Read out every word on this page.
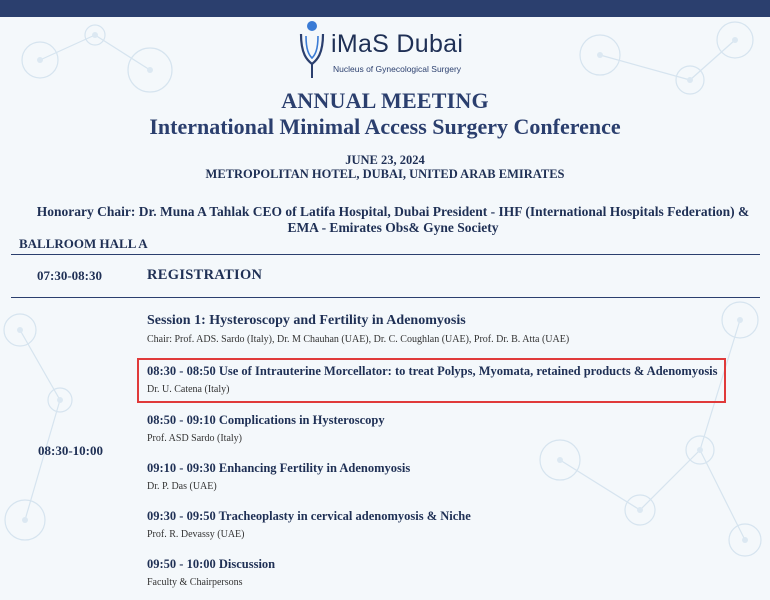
iMaS Dubai
Nucleus of Gynecological Surgery
ANNUAL MEETING
International Minimal Access Surgery Conference
JUNE 23, 2024
METROPOLITAN HOTEL, DUBAI, UNITED ARAB EMIRATES
Honorary Chair: Dr. Muna A Tahlak CEO of Latifa Hospital, Dubai President - IHF (International Hospitals Federation) &
EMA - Emirates Obs& Gyne Society
BALLROOM HALL A
07:30-08:30	REGISTRATION
08:30-10:00
Session 1: Hysteroscopy and Fertility in Adenomyosis
Chair: Prof. ADS. Sardo (Italy), Dr. M Chauhan (UAE), Dr. C. Coughlan (UAE), Prof. Dr. B. Atta (UAE)
08:30 - 08:50 Use of Intrauterine Morcellator: to treat Polyps, Myomata, retained products & Adenomyosis
Dr. U. Catena (Italy)
08:50 - 09:10 Complications in Hysteroscopy
Prof. ASD Sardo (Italy)
09:10 - 09:30 Enhancing Fertility in Adenomyosis
Dr. P. Das (UAE)
09:30 - 09:50 Tracheoplasty in cervical adenomyosis & Niche
Prof. R. Devassy (UAE)
09:50 - 10:00 Discussion
Faculty & Chairpersons
